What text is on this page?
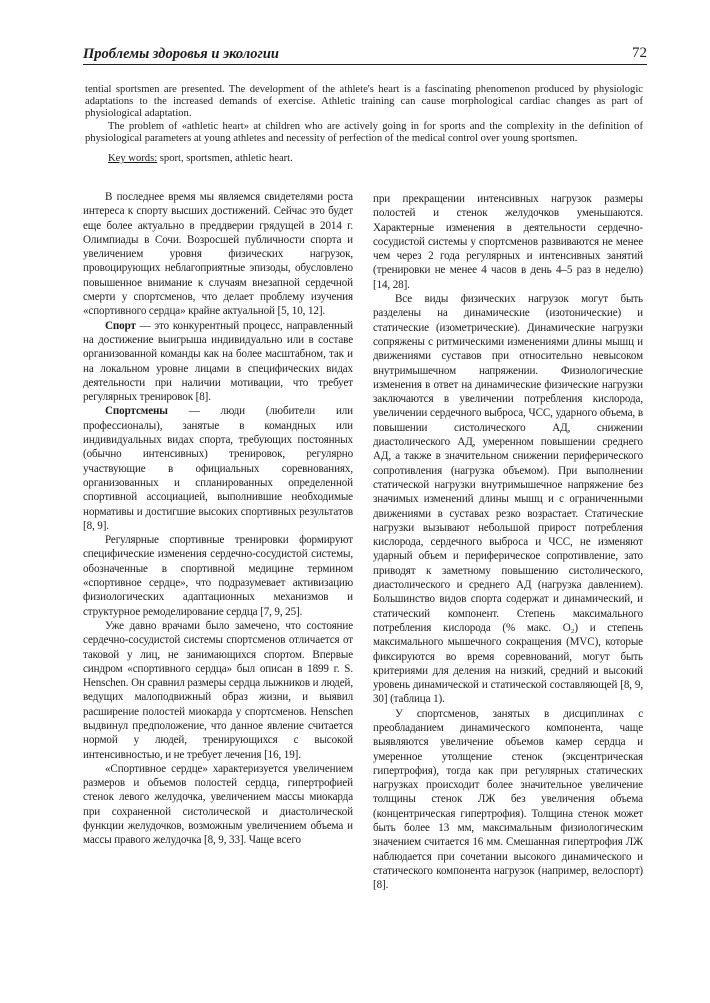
Проблемы здоровья и экологии	72

tential sportsmen are presented. The development of the athlete's heart is a fascinating phenomenon produced by physiologic adaptations to the increased demands of exercise. Athletic training can cause morphological cardiac changes as part of physiological adaptation.

The problem of «athletic heart» at children who are actively going in for sports and the complexity in the definition of physiological parameters at young athletes and necessity of perfection of the medical control over young sportsmen.

Key words: sport, sportsmen, athletic heart.

В последнее время мы являемся свидетелями роста интереса к спорту высших достижений. Сейчас это будет еще более актуально в преддверии грядущей в 2014 г. Олимпиады в Сочи. Возросшей публичности спорта и увеличением уровня физических нагрузок, провоцирующих неблагоприятные эпизоды, обусловлено повышенное внимание к случаям внезапной сердечной смерти у спортсменов, что делает проблему изучения «спортивного сердца» крайне актуальной [5, 10, 12].

Спорт — это конкурентный процесс, направленный на достижение выигрыша индивидуально или в составе организованной команды как на более масштабном, так и на локальном уровне лицами в специфических видах деятельности при наличии мотивации, что требует регулярных тренировок [8].

Спортсмены — люди (любители или профессионалы), занятые в командных или индивидуальных видах спорта, требующих постоянных (обычно интенсивных) тренировок, регулярно участвующие в официальных соревнованиях, организованных и спланированных определенной спортивной ассоциацией, выполнившие необходимые нормативы и достигшие высоких спортивных результатов [8, 9].

Регулярные спортивные тренировки формируют специфические изменения сердечно-сосудистой системы, обозначенные в спортивной медицине термином «спортивное сердце», что подразумевает активизацию физиологических адаптационных механизмов и структурное ремоделирование сердца [7, 9, 25].

Уже давно врачами было замечено, что состояние сердечно-сосудистой системы спортсменов отличается от таковой у лиц, не занимающихся спортом. Впервые синдром «спортивного сердца» был описан в 1899 г. S. Henschen. Он сравнил размеры сердца лыжников и людей, ведущих малоподвижный образ жизни, и выявил расширение полостей миокарда у спортсменов. Henschen выдвинул предположение, что данное явление считается нормой у людей, тренирующихся с высокой интенсивностью, и не требует лечения [16, 19].

«Спортивное сердце» характеризуется увеличением размеров и объемов полостей сердца, гипертрофией стенок левого желудочка, увеличением массы миокарда при сохраненной систолической и диастолической функции желудочков, возможным увеличением объема и массы правого желудочка [8, 9, 33]. Чаще всего

при прекращении интенсивных нагрузок размеры полостей и стенок желудочков уменьшаются. Характерные изменения в деятельности сердечно-сосудистой системы у спортсменов развиваются не менее чем через 2 года регулярных и интенсивных занятий (тренировки не менее 4 часов в день 4–5 раз в неделю) [14, 28].

Все виды физических нагрузок могут быть разделены на динамические (изотонические) и статические (изометрические). Динамические нагрузки сопряжены с ритмическими изменениями длины мышц и движениями суставов при относительно невысоком внутримышечном напряжении. Физиологические изменения в ответ на динамические физические нагрузки заключаются в увеличении потребления кислорода, увеличении сердечного выброса, ЧСС, ударного объема, в повышении систолического АД, снижении диастолического АД, умеренном повышении среднего АД, а также в значительном снижении периферического сопротивления (нагрузка объемом). При выполнении статической нагрузки внутримышечное напряжение без значимых изменений длины мышц и с ограниченными движениями в суставах резко возрастает. Статические нагрузки вызывают небольшой прирост потребления кислорода, сердечного выброса и ЧСС, не изменяют ударный объем и периферическое сопротивление, зато приводят к заметному повышению систолического, диастолического и среднего АД (нагрузка давлением). Большинство видов спорта содержат и динамический, и статический компонент. Степень максимального потребления кислорода (% макс. O₂) и степень максимального мышечного сокращения (MVC), которые фиксируются во время соревнований, могут быть критериями для деления на низкий, средний и высокий уровень динамической и статической составляющей [8, 9, 30] (таблица 1).

У спортсменов, занятых в дисциплинах с преобладанием динамического компонента, чаще выявляются увеличение объемов камер сердца и умеренное утолщение стенок (эксцентрическая гипертрофия), тогда как при регулярных статических нагрузках происходит более значительное увеличение толщины стенок ЛЖ без увеличения объема (концентрическая гипертрофия). Толщина стенок может быть более 13 мм, максимальным физиологическим значением считается 16 мм. Смешанная гипертрофия ЛЖ наблюдается при сочетании высокого динамического и статического компонента нагрузок (например, велоспорт) [8].
